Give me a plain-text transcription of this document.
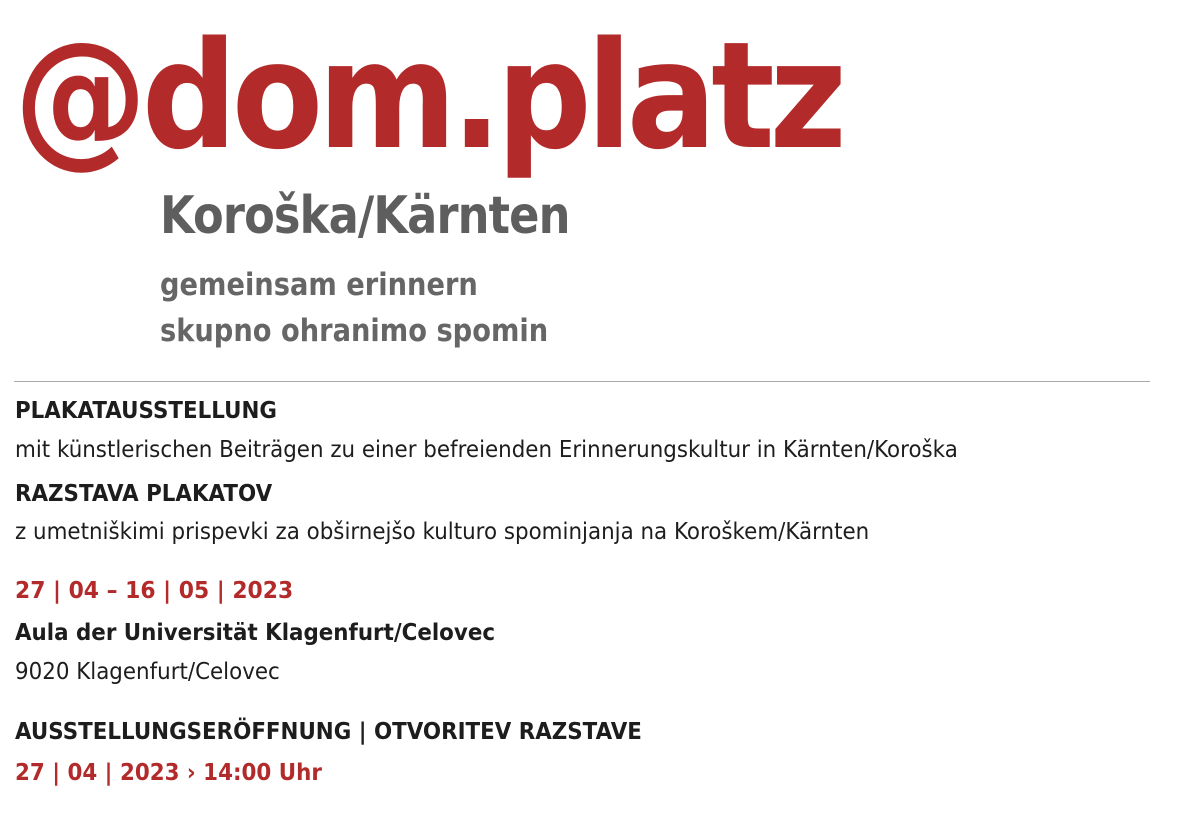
@dom.platz
Koroška/Kärnten
gemeinsam erinnern
skupno ohranimo spomin
PLAKATAUSSTELLUNG
mit künstlerischen Beiträgen zu einer befreienden Erinnerungskultur in Kärnten/Koroška
RAZSTAVA PLAKATOV
z umetniškimi prispevki za obširnejšo kulturo spominjanja na Koroškem/Kärnten
27 | 04 – 16 | 05 | 2023
Aula der Universität Klagenfurt/Celovec
9020 Klagenfurt/Celovec
AUSSTELLUNGSERÖFFNUNG | OTVORITEV RAZSTAVE
27 | 04 | 2023 › 14:00 Uhr
